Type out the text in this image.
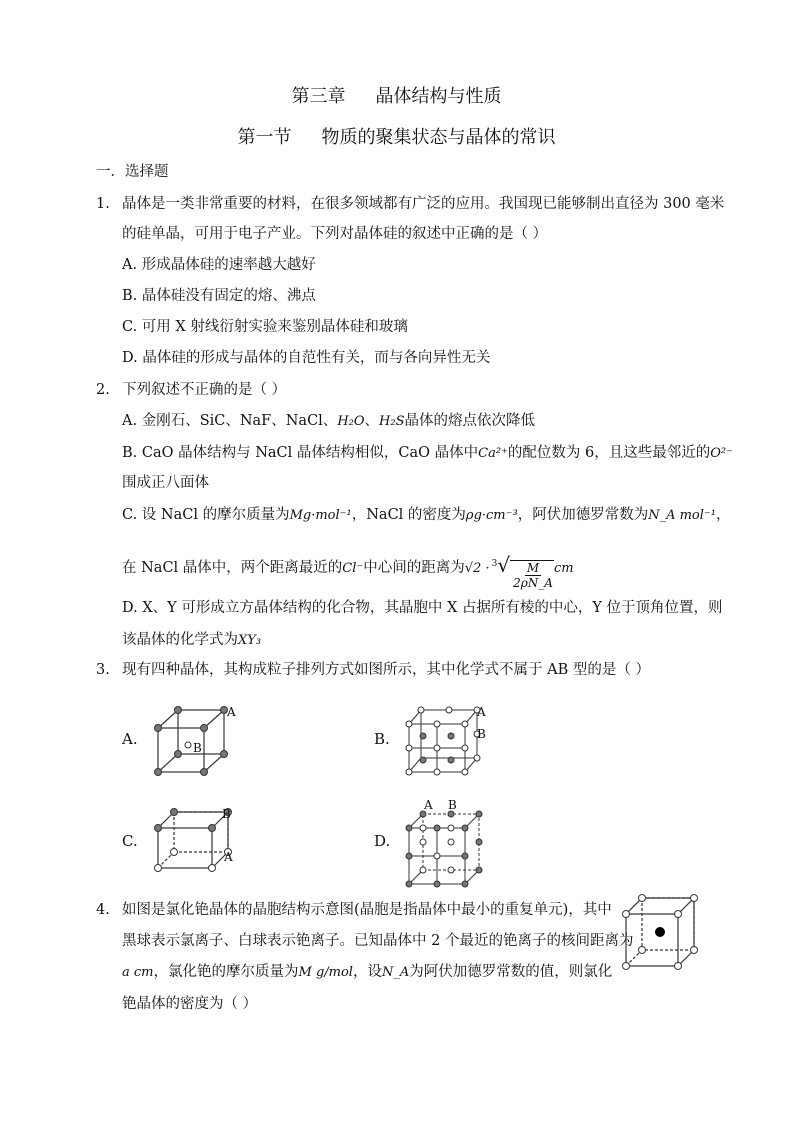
第三章 晶体结构与性质
第一节 物质的聚集状态与晶体的常识
一．选择题
1. 晶体是一类非常重要的材料，在很多领域都有广泛的应用。我国现已能够制出直径为 300 毫米
的硅单晶，可用于电子产业。下列对晶体硅的叙述中正确的是（ ）
A. 形成晶体硅的速率越大越好
B. 晶体硅没有固定的熔、沸点
C. 可用 X 射线衍射实验来鉴别晶体硅和玻璃
D. 晶体硅的形成与晶体的自范性有关，而与各向异性无关
2. 下列叙述不正确的是（ ）
A. 金刚石、SiC、NaF、NaCl、H₂O、H₂S晶体的熔点依次降低
B. CaO 晶体结构与 NaCl 晶体结构相似，CaO 晶体中Ca²⁺的配位数为 6，且这些最邻近的O²⁻
围成正八面体
C. 设 NaCl 的摩尔质量为Mg·mol⁻¹，NaCl 的密度为ρg·cm⁻³，阿伏加德罗常数为N_A mol⁻¹，
在 NaCl 晶体中，两个距离最近的Cl⁻中心间的距离为$√2 \cdot ^3√ \frac{M}{2\rho N\_A}$ cm
D. X、Y 可形成立方晶体结构的化合物，其晶胞中 X 占据所有棱的中心，Y 位于顶角位置，则
该晶体的化学式为XY₃
3. 现有四种晶体，其构成粒子排列方式如图所示，其中化学式不属于 AB 型的是（ ）
A.
A
B	B.
A
B
C.
B
A
D.
A B
4. 如图是氯化铯晶体的晶胞结构示意图(晶胞是指晶体中最小的重复单元)，其中
黑球表示氯离子、白球表示铯离子。已知晶体中 2 个最近的铯离子的核间距离为
a cm，氯化铯的摩尔质量为M g/mol，设N_A为阿伏加德罗常数的值，则氯化
铯晶体的密度为（ ）
